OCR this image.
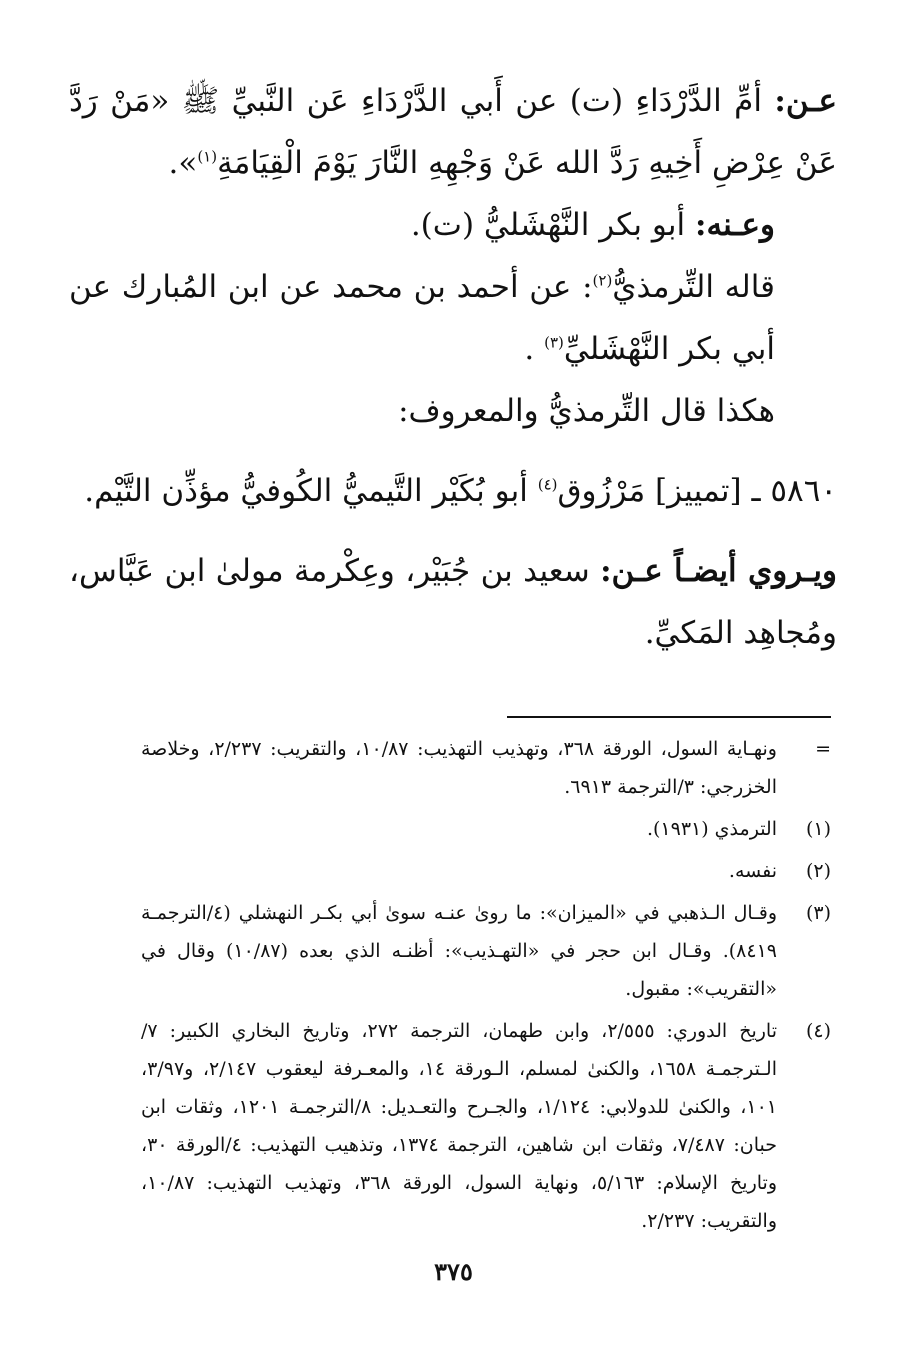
عـن: أمِّ الدَّرْدَاءِ (ت) عن أَبي الدَّرْدَاءِ عَن النَّبيِّ ﷺ «مَنْ رَدَّ عَنْ عِرْضِ أَخِيهِ رَدَّ الله عَنْ وَجْهِهِ النَّارَ يَوْمَ الْقِيَامَةِ$^{(١)}$».

وعـنه: أبو بكر النَّهْشَليُّ (ت).

قاله التِّرمذيُّ$^{(٢)}$: عن أحمد بن محمد عن ابن المُبارك عن أبي بكر النَّهْشَليِّ$^{(٣)}$ .

هكذا قال التِّرمذيُّ والمعروف:

٥٨٦٠ ـ [تمييز] مَرْزُوق$^{(٤)}$ أبو بُكَيْر التَّيميُّ الكُوفيُّ مؤذِّن التَّيْم.

ويـروي أيضـاً عـن: سعيد بن جُبَيْر، وعِكْرمة مولىٰ ابن عَبَّاس، ومُجاهِد المَكيِّ.

=
ونهـاية السول، الورقة ٣٦٨، وتهذيب التهذيب: ١٠/٨٧، والتقريب: ٢/٢٣٧، وخلاصة الخزرجي: ٣/الترجمة ٦٩١٣.
(١)
الترمذي (١٩٣١).
(٢)
نفسه.
(٣)
وقـال الـذهبي في «الميزان»: ما روىٰ عنـه سوىٰ أبي بكـر النهشلي (٤/الترجمـة ٨٤١٩). وقـال ابن حجر في «التهـذيب»: أظنـه الذي بعده (١٠/٨٧) وقال في «التقريب»: مقبول.
(٤)
تاريخ الدوري: ٢/٥٥٥، وابن طهمان، الترجمة ٢٧٢، وتاريخ البخاري الكبير: ٧/الـترجمـة ١٦٥٨، والكنىٰ لمسلم، الـورقة ١٤، والمعـرفة ليعقوب ٢/١٤٧، و٣/٩٧، ١٠١، والكنىٰ للدولابي: ١/١٢٤، والجـرح والتعـديل: ٨/الترجمـة ١٢٠١، وثقات ابن حبان: ٧/٤٨٧، وثقات ابن شاهين، الترجمة ١٣٧٤، وتذهيب التهذيب: ٤/الورقة ٣٠، وتاريخ الإسلام: ٥/١٦٣، ونهاية السول، الورقة ٣٦٨، وتهذيب التهذيب: ١٠/٨٧، والتقريب: ٢/٢٣٧.
٣٧٥
